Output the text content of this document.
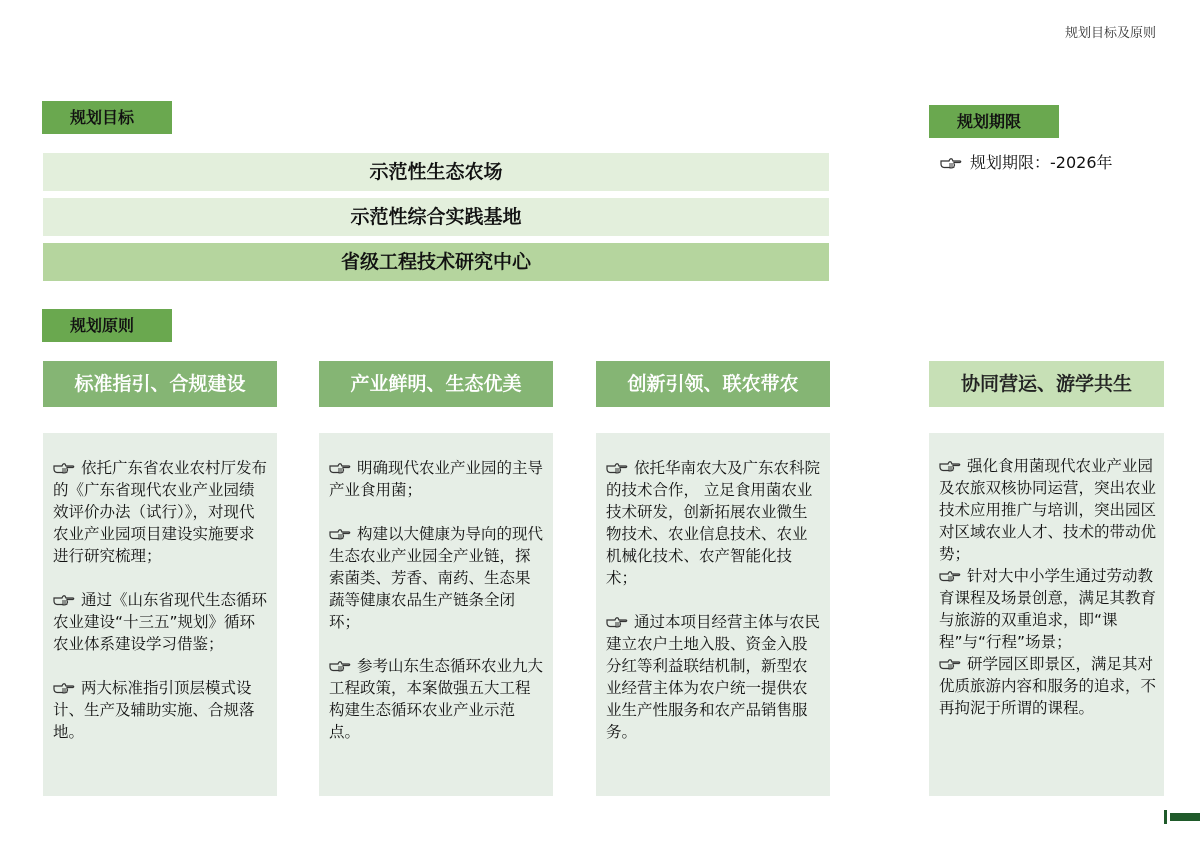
规划目标及原则
规划目标
示范性生态农场
示范性综合实践基地
省级工程技术研究中心
规划期限
规划期限：-2026年
规划原则
标准指引、合规建设	产业鲜明、生态优美	创新引领、联农带农	协同营运、游学共生

依托广东省农业农村厅发布的《广东省现代农业产业园绩效评价办法（试行）》，对现代农业产业园项目建设实施要求进行研究梳理；

通过《山东省现代生态循环农业建设“十三五”规划》循环农业体系建设学习借鉴；

两大标准指引顶层模式设计、生产及辅助实施、合规落地。

明确现代农业产业园的主导产业食用菌；

构建以大健康为导向的现代生态农业产业园全产业链，探索菌类、芳香、南药、生态果蔬等健康农品生产链条全闭环；

参考山东生态循环农业九大工程政策，本案做强五大工程构建生态循环农业产业示范点。

依托华南农大及广东农科院的技术合作， 立足食用菌农业技术研发，创新拓展农业微生物技术、农业信息技术、农业机械化技术、农产智能化技术；

通过本项目经营主体与农民建立农户土地入股、资金入股分红等利益联结机制，新型农业经营主体为农户统一提供农业生产性服务和农产品销售服务。

强化食用菌现代农业产业园及农旅双核协同运营，突出农业技术应用推广与培训，突出园区对区域农业人才、技术的带动优势；

针对大中小学生通过劳动教育课程及场景创意，满足其教育与旅游的双重追求，即“课程”与“行程”场景；

研学园区即景区，满足其对优质旅游内容和服务的追求，不再拘泥于所谓的课程。
